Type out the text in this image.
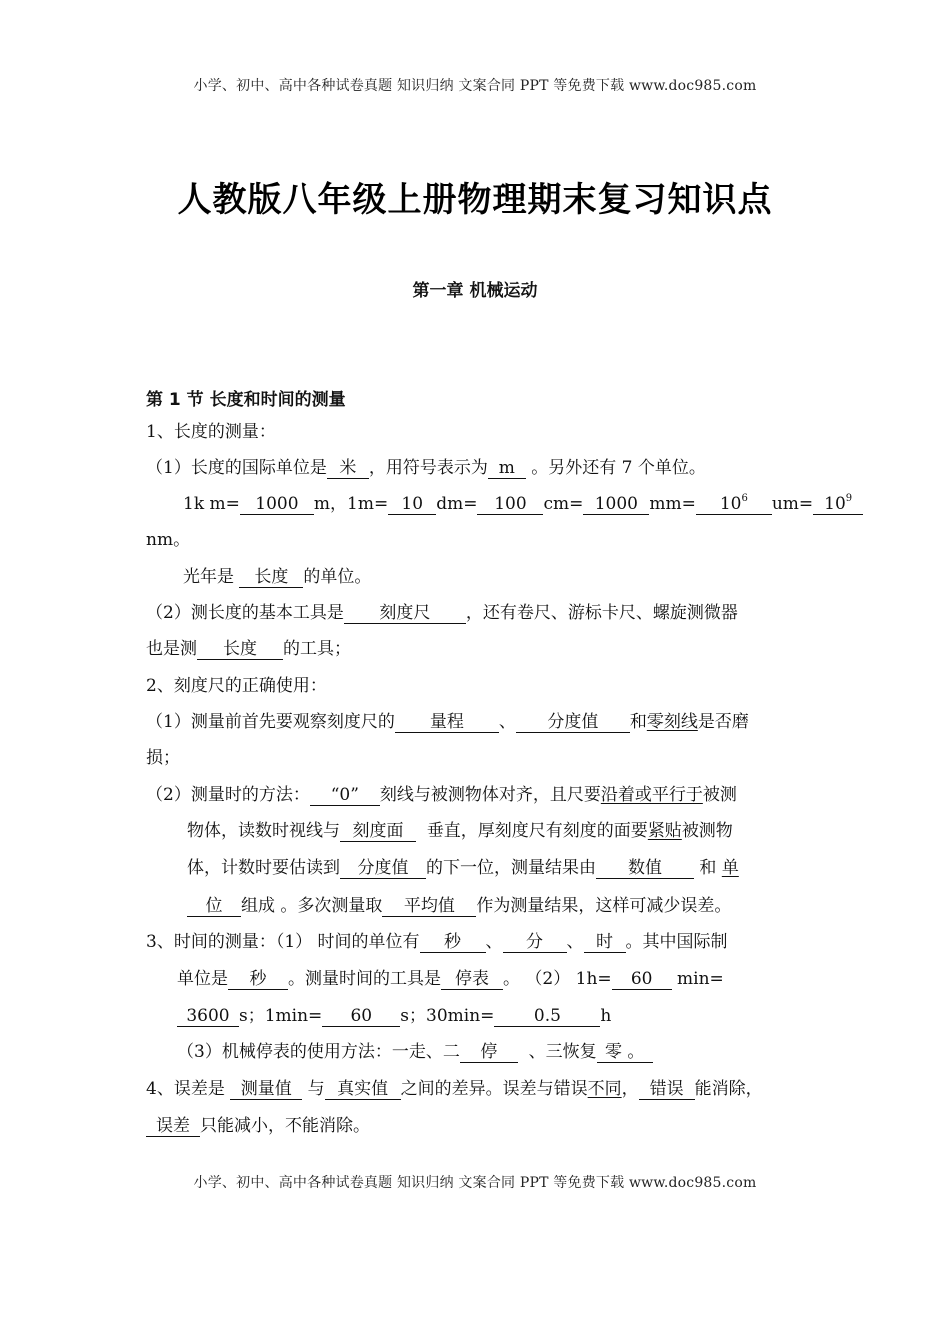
小学、初中、高中各种试卷真题 知识归纳 文案合同 PPT 等免费下载 www.doc985.com
人教版八年级上册物理期末复习知识点
第一章 机械运动
第 1 节 长度和时间的测量
1、长度的测量：
（1）长度的国际单位是 米 ，用符号表示为 m 。另外还有 7 个单位。
1k m= 1000 m，1m= 10 dm= 100 cm= 1000 $mm= 10^6$ $um= 10^9$
nm。
光年是 长度 的单位。
（2）测长度的基本工具是 刻度尺 ，还有卷尺、游标卡尺、螺旋测微器
也是测 长度 的工具；
2、刻度尺的正确使用：
（1）测量前首先要观察刻度尺的 量程 、 分度值 和零刻线是否磨
损；
（2）测量时的方法： “0” 刻线与被测物体对齐，且尺要沿着或平行于被测
物体，读数时视线与 刻度面 垂直，厚刻度尺有刻度的面要紧贴被测物
体，计数时要估读到 分度值 的下一位，测量结果由 数值 和 单
位 组成 。多次测量取 平均值 作为测量结果，这样可减少误差。
3、时间的测量：（1） 时间的单位有 秒 、 分 、 时 。其中国际制
单位是 秒 。测量时间的工具是 停表 。 （2） 1h= 60 min=
3600 s；1min= 60 s；30min= 0.5 h
（3）机械停表的使用方法：一走、二 停 、三恢复 零 。
4、误差是 测量值 与 真实值 之间的差异。误差与错误不同， 错误 能消除，
误差 只能减小，不能消除。
小学、初中、高中各种试卷真题 知识归纳 文案合同 PPT 等免费下载 www.doc985.com
